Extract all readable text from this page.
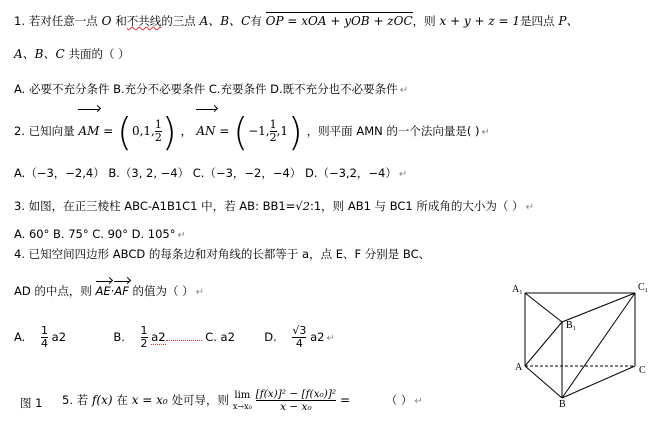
1. 若对任意一点 O 和不共线的三点 A、B、C有 OP = xOA + yOB + zOC，则 x + y + z = 1是四点 P、
A、B、C 共面的（ ）
A. 必要不充分条件 B.充分不必要条件 C.充要条件 D.既不充分也不必要条件 ↵
2. 已知向量 AM = (0,1, $\frac{1}{2}$ ) ， AN = (−1, $\frac{1}{2} ,1$) ，则平面 AMN 的一个法向量是( ) ↵
A.（−3，−2,4） B.（3, 2, −4） C.（−3，−2，−4） D.（−3,2，−4） ↵
3. 如图，在正三棱柱 ABC-A1B1C1 中，若 AB: BB1=√2:1，则 AB1 与 BC1 所成角的大小为（ ） ↵
A. 60° B. 75° C. 90° D. 105° ↵
4. 已知空间四边形 ABCD 的每条边和对角线的长都等于 a，点 E、F 分别是 BC、
AD 的中点，则 AE·AF 的值为（ ） ↵
A. $\frac{1}{4} a2$	B. $\frac{1}{2} a2$	C. a2	D. $\frac{√3}{4} a2$ ↵
图 1 5. 若 f(x) 在 x = x₀ 处可导，则 lim
x→x₀
$\frac{\text{[f(x)]² − [f(x₀)]²}}{\text{x − x₀}}$ =	（ ） ↵
A₁	C₁
B₁
A	C
B
